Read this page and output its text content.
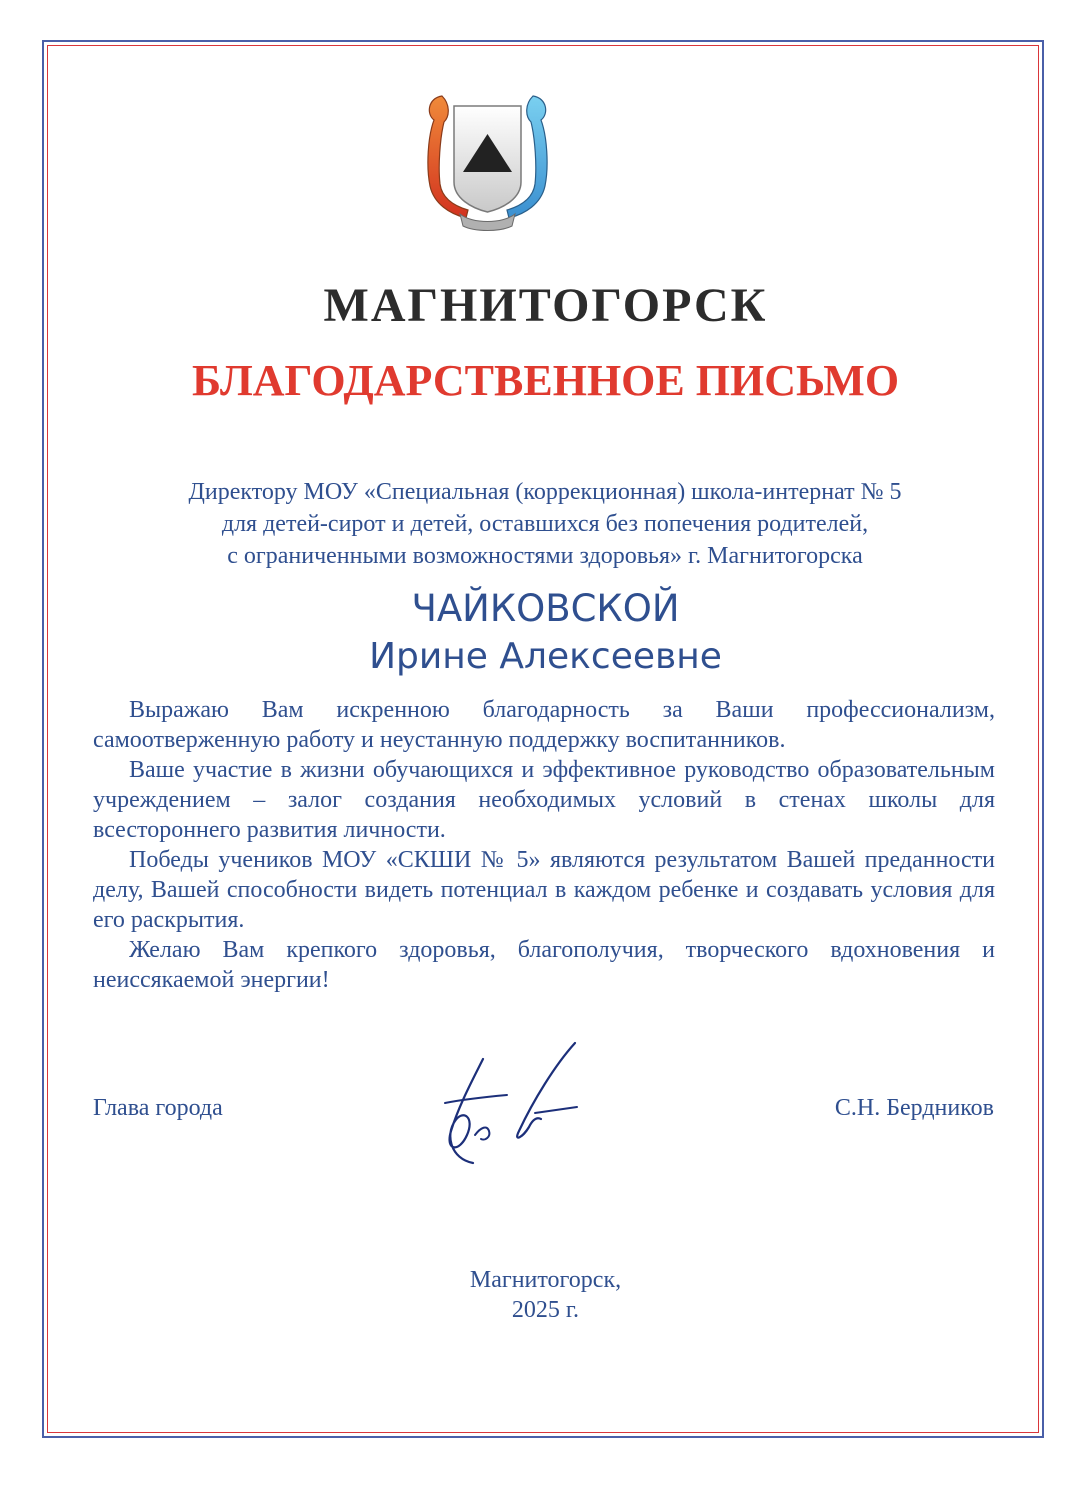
МАГНИТОГОРСК
БЛАГОДАРСТВЕННОЕ ПИСЬМО
Директору МОУ «Специальная (коррекционная) школа-интернат № 5
для детей-сирот и детей, оставшихся без попечения родителей,
с ограниченными возможностями здоровья» г. Магнитогорска
ЧАЙКОВСКОЙ
Ирине Алексеевне

Выражаю Вам искренною благодарность за Ваши профессионализм, самоотверженную работу и неустанную поддержку воспитанников.

Ваше участие в жизни обучающихся и эффективное руководство образовательным учреждением – залог создания необходимых условий в стенах школы для всестороннего развития личности.

Победы учеников МОУ «СКШИ № 5» являются результатом Вашей преданности делу, Вашей способности видеть потенциал в каждом ребенке и создавать условия для его раскрытия.

Желаю Вам крепкого здоровья, благополучия, творческого вдохновения и неиссякаемой энергии!

Глава города	С.Н. Бердников
Магнитогорск,
2025 г.
